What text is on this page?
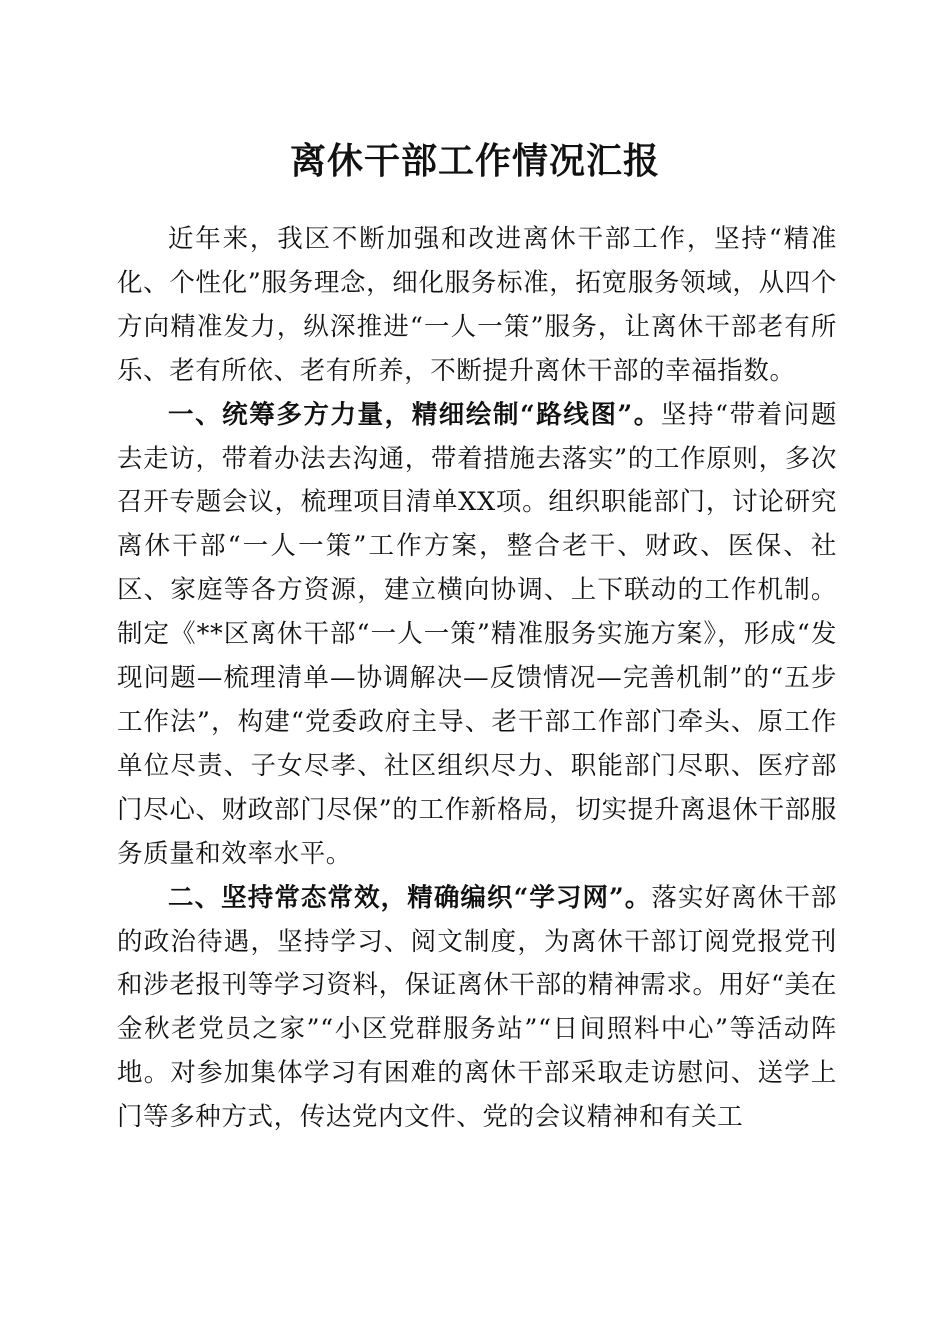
离休干部工作情况汇报

近年来，我区不断加强和改进离休干部工作，坚持“精准化、个性化”服务理念，细化服务标准，拓宽服务领域，从四个方向精准发力，纵深推进“一人一策”服务，让离休干部老有所乐、老有所依、老有所养，不断提升离休干部的幸福指数。

一、统筹多方力量，精细绘制“路线图”。坚持“带着问题去走访，带着办法去沟通，带着措施去落实”的工作原则，多次召开专题会议，梳理项目清单XX项。组织职能部门，讨论研究离休干部“一人一策”工作方案，整合老干、财政、医保、社区、家庭等各方资源，建立横向协调、上下联动的工作机制。制定《**区离休干部“一人一策”精准服务实施方案》，形成“发现问题—梳理清单—协调解决—反馈情况—完善机制”的“五步工作法”，构建“党委政府主导、老干部工作部门牵头、原工作单位尽责、子女尽孝、社区组织尽力、职能部门尽职、医疗部门尽心、财政部门尽保”的工作新格局，切实提升离退休干部服务质量和效率水平。

二、坚持常态常效，精确编织“学习网”。落实好离休干部的政治待遇，坚持学习、阅文制度，为离休干部订阅党报党刊和涉老报刊等学习资料，保证离休干部的精神需求。用好“美在金秋老党员之家”“小区党群服务站”“日间照料中心”等活动阵地。对参加集体学习有困难的离休干部采取走访慰问、送学上门等多种方式，传达党内文件、党的会议精神和有关工
